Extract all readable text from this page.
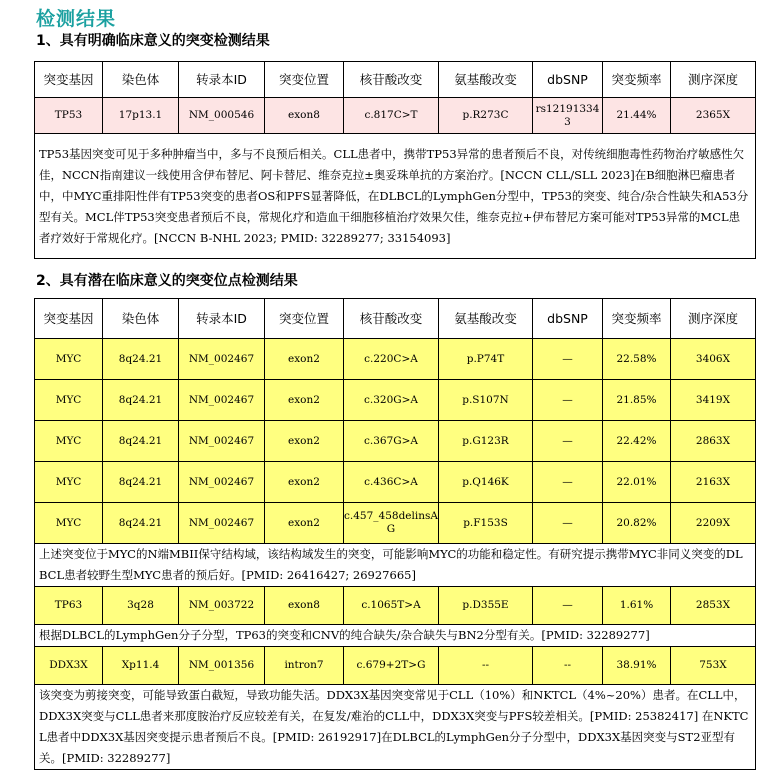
检测结果
1、具有明确临床意义的突变检测结果
突变基因	染色体	转录本ID	突变位置	核苷酸改变	氨基酸改变	dbSNP	突变频率	测序深度
TP53	17p13.1	NM_000546	exon8	c.817C>T	p.R273C	rs121913343	21.44%	2365X
TP53基因突变可见于多种肿瘤当中，多与不良预后相关。CLL患者中，携带TP53异常的患者预后不良，对传统细胞毒性药物治疗敏感性欠佳，NCCN指南建议一线使用含伊布替尼、阿卡替尼、维奈克拉±奥妥珠单抗的方案治疗。[NCCN CLL/SLL 2023]在B细胞淋巴瘤患者中，中MYC重排阳性伴有TP53突变的患者OS和PFS显著降低，在DLBCL的LymphGen分型中，TP53的突变、纯合/杂合性缺失和A53分型有关。MCL伴TP53突变患者预后不良，常规化疗和造血干细胞移植治疗效果欠佳，维奈克拉+伊布替尼方案可能对TP53异常的MCL患者疗效好于常规化疗。[NCCN B-NHL 2023; PMID: 32289277; 33154093]								
2、具有潜在临床意义的突变位点检测结果
突变基因	染色体	转录本ID	突变位置	核苷酸改变	氨基酸改变	dbSNP	突变频率	测序深度
MYC	8q24.21	NM_002467	exon2	c.220C>A	p.P74T	—	22.58%	3406X
MYC	8q24.21	NM_002467	exon2	c.320G>A	p.S107N	—	21.85%	3419X
MYC	8q24.21	NM_002467	exon2	c.367G>A	p.G123R	—	22.42%	2863X
MYC	8q24.21	NM_002467	exon2	c.436C>A	p.Q146K	—	22.01%	2163X
MYC	8q24.21	NM_002467	exon2	c.457_458delinsAG	p.F153S	—	20.82%	2209X
上述突变位于MYC的N端MBII保守结构域，该结构域发生的突变，可能影响MYC的功能和稳定性。有研究提示携带MYC非同义突变的DLBCL患者较野生型MYC患者的预后好。[PMID: 26416427; 26927665]								
TP63	3q28	NM_003722	exon8	c.1065T>A	p.D355E	—	1.61%	2853X
根据DLBCL的LymphGen分子分型，TP63的突变和CNV的纯合缺失/杂合缺失与BN2分型有关。[PMID: 32289277]								
DDX3X	Xp11.4	NM_001356	intron7	c.679+2T>G	--	--	38.91%	753X
该突变为剪接突变，可能导致蛋白截短，导致功能失活。DDX3X基因突变常见于CLL（10%）和NKTCL（4%~20%）患者。在CLL中，DDX3X突变与CLL患者来那度胺治疗反应较差有关，在复发/难治的CLL中，DDX3X突变与PFS较差相关。[PMID: 25382417] 在NKTCL患者中DDX3X基因突变提示患者预后不良。[PMID: 26192917]在DLBCL的LymphGen分子分型中，DDX3X基因突变与ST2亚型有关。[PMID: 32289277]								
